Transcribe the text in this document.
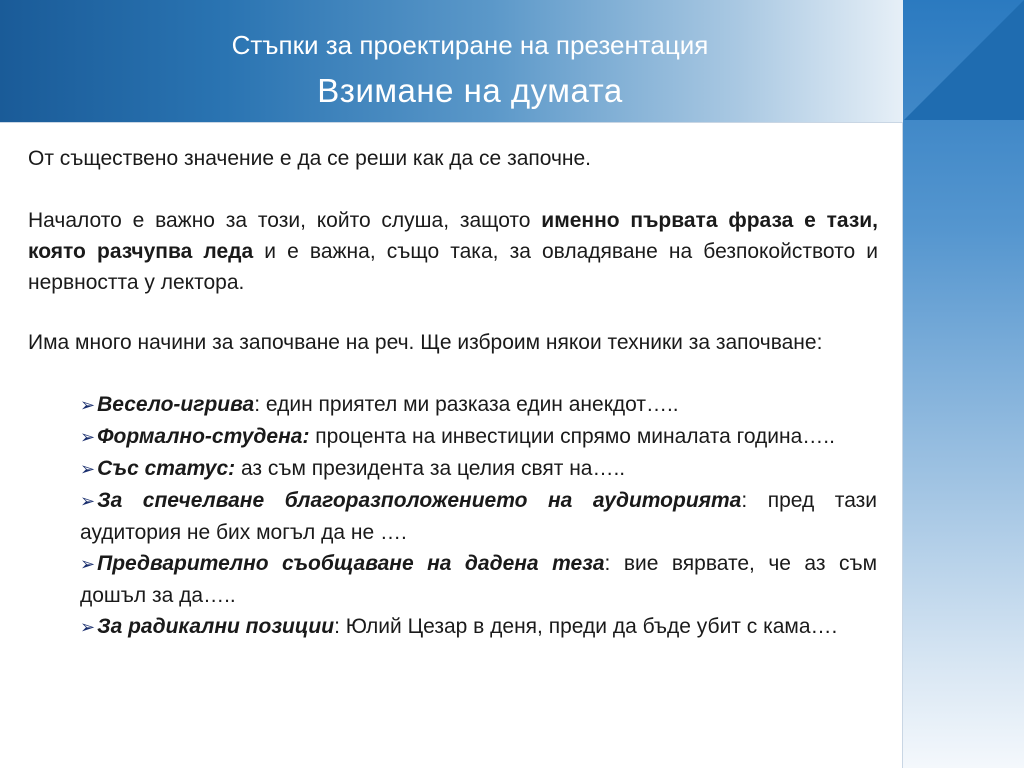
Стъпки за проектиране на презентация
Взимане на думата

От съществено значение е да се реши как да се започне.

Началото е важно за този, който слуша, защото именно първата фраза е тази, която разчупва леда и е важна, също така, за овладяване на безпокойството и нервността у лектора.

Има много начини за започване на реч. Ще изброим някои техники за започване:

➢Весело-игрива: един приятел ми разказа един анекдот…..
➢Формално-студена: процента на инвестиции спрямо миналата година…..
➢Със статус: аз съм президента за целия свят на…..
➢За спечелване благоразположението на аудиторията: пред тази аудитория не бих могъл да не ….
➢Предварително съобщаване на дадена теза: вие вярвате, че аз съм дошъл за да…..
➢За радикални позиции: Юлий Цезар в деня, преди да бъде убит с кама….
